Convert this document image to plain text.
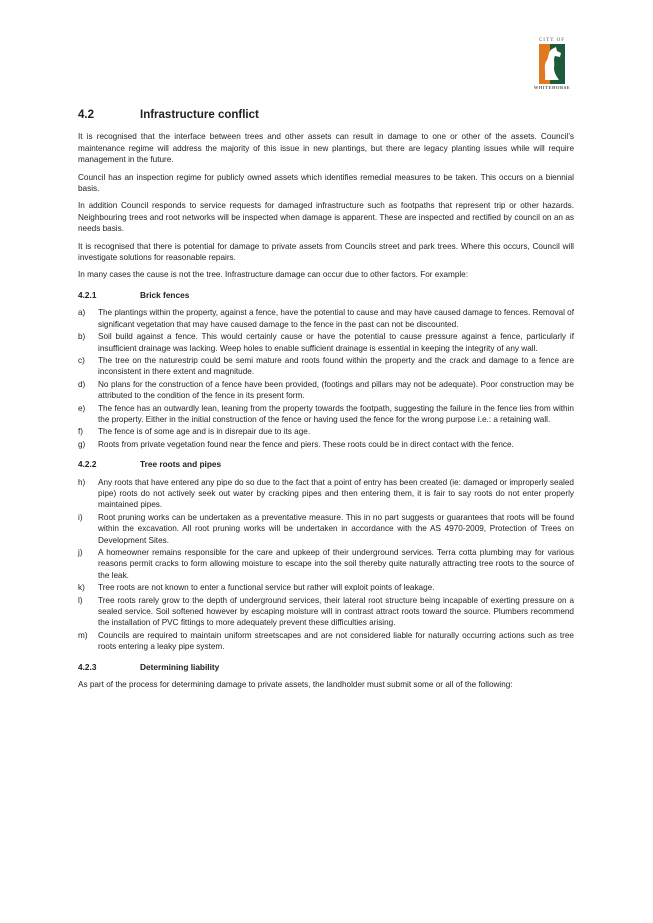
CITY OF
WHITEHORSE
4.2	Infrastructure conflict

It is recognised that the interface between trees and other assets can result in damage to one or other of the assets. Council’s maintenance regime will address the majority of this issue in new plantings, but there are legacy planting issues while will require management in the future.

Council has an inspection regime for publicly owned assets which identifies remedial measures to be taken. This occurs on a biennial basis.

In addition Council responds to service requests for damaged infrastructure such as footpaths that represent trip or other hazards. Neighbouring trees and root networks will be inspected when damage is apparent. These are inspected and rectified by council on an as needs basis.

It is recognised that there is potential for damage to private assets from Councils street and park trees. Where this occurs, Council will investigate solutions for reasonable repairs.

In many cases the cause is not the tree. Infrastructure damage can occur due to other factors. For example:

4.2.1	Brick fences
a)	The plantings within the property, against a fence, have the potential to cause and may have caused damage to fences. Removal of significant vegetation that may have caused damage to the fence in the past can not be discounted.
b)	Soil build against a fence. This would certainly cause or have the potential to cause pressure against a fence, particularly if insufficient drainage was lacking. Weep holes to enable sufficient drainage is essential in keeping the integrity of any wall.
c)	The tree on the naturestrip could be semi mature and roots found within the property and the crack and damage to a fence are inconsistent in there extent and magnitude.
d)	No plans for the construction of a fence have been provided, (footings and pillars may not be adequate). Poor construction may be attributed to the condition of the fence in its present form.
e)	The fence has an outwardly lean, leaning from the property towards the footpath, suggesting the failure in the fence lies from within the property. Either in the initial construction of the fence or having used the fence for the wrong purpose i.e.: a retaining wall.
f)	The fence is of some age and is in disrepair due to its age.
g)	Roots from private vegetation found near the fence and piers. These roots could be in direct contact with the fence.
4.2.2	Tree roots and pipes
h)	Any roots that have entered any pipe do so due to the fact that a point of entry has been created (ie: damaged or improperly sealed pipe) roots do not actively seek out water by cracking pipes and then entering them, it is fair to say roots do not enter properly maintained pipes.
i)	Root pruning works can be undertaken as a preventative measure. This in no part suggests or guarantees that roots will be found within the excavation. All root pruning works will be undertaken in accordance with the AS 4970-2009, Protection of Trees on Development Sites.
j)	A homeowner remains responsible for the care and upkeep of their underground services. Terra cotta plumbing may for various reasons permit cracks to form allowing moisture to escape into the soil thereby quite naturally attracting tree roots to the source of the leak.
k)	Tree roots are not known to enter a functional service but rather will exploit points of leakage.
l)	Tree roots rarely grow to the depth of underground services, their lateral root structure being incapable of exerting pressure on a sealed service. Soil softened however by escaping moisture will in contrast attract roots toward the source. Plumbers recommend the installation of PVC fittings to more adequately prevent these difficulties arising.
m)	Councils are required to maintain uniform streetscapes and are not considered liable for naturally occurring actions such as tree roots entering a leaky pipe system.
4.2.3	Determining liability

As part of the process for determining damage to private assets, the landholder must submit some or all of the following:
